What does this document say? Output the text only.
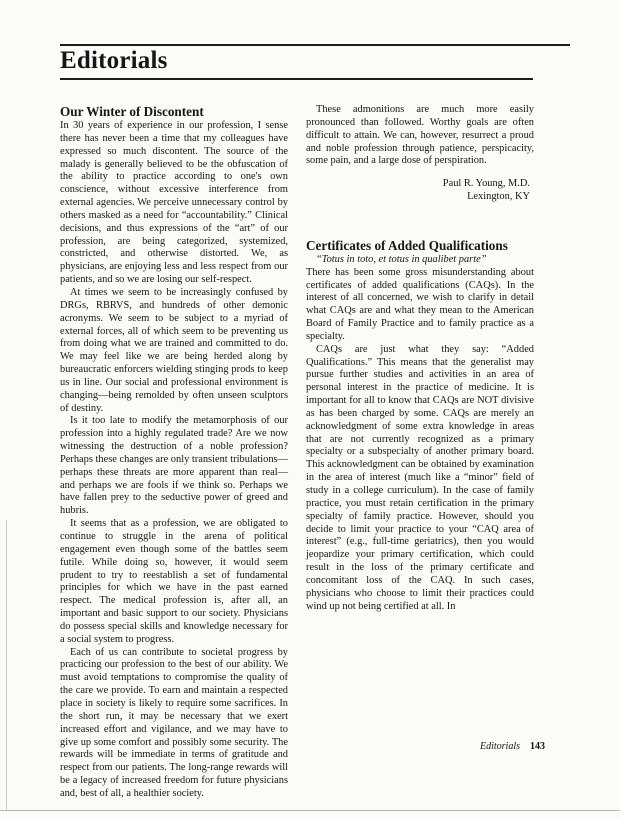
Editorials
Our Winter of Discontent

In 30 years of experience in our profession, I sense there has never been a time that my colleagues have expressed so much discontent. The source of the malady is generally believed to be the obfuscation of the ability to practice according to one's own conscience, without excessive interference from external agencies. We perceive unnecessary control by others masked as a need for “accountability.” Clinical decisions, and thus expressions of the “art” of our profession, are being categorized, systemized, constricted, and otherwise distorted. We, as physicians, are enjoying less and less respect from our patients, and so we are losing our self-respect.

At times we seem to be increasingly confused by DRGs, RBRVS, and hundreds of other demonic acronyms. We seem to be subject to a myriad of external forces, all of which seem to be preventing us from doing what we are trained and committed to do. We may feel like we are being herded along by bureaucratic enforcers wielding stinging prods to keep us in line. Our social and professional environment is changing—being remolded by often unseen sculptors of destiny.

Is it too late to modify the metamorphosis of our profession into a highly regulated trade? Are we now witnessing the destruction of a noble profession? Perhaps these changes are only transient tribulations—perhaps these threats are more apparent than real—and perhaps we are fools if we think so. Perhaps we have fallen prey to the seductive power of greed and hubris.

It seems that as a profession, we are obligated to continue to struggle in the arena of political engagement even though some of the battles seem futile. While doing so, however, it would seem prudent to try to reestablish a set of fundamental principles for which we have in the past earned respect. The medical profession is, after all, an important and basic support to our society. Physicians do possess special skills and knowledge necessary for a social system to progress.

Each of us can contribute to societal progress by practicing our profession to the best of our ability. We must avoid temptations to compromise the quality of the care we provide. To earn and maintain a respected place in society is likely to require some sacrifices. In the short run, it may be necessary that we exert increased effort and vigilance, and we may have to give up some comfort and possibly some security. The rewards will be immediate in terms of gratitude and respect from our patients. The long-range rewards will be a legacy of increased freedom for future physicians and, best of all, a healthier society.

These admonitions are much more easily pronounced than followed. Worthy goals are often difficult to attain. We can, however, resurrect a proud and noble profession through patience, perspicacity, some pain, and a large dose of perspiration.

Paul R. Young, M.D.
Lexington, KY
Certificates of Added Qualifications

“Totus in toto, et totus in qualibet parte”

There has been some gross misunderstanding about certificates of added qualifications (CAQs). In the interest of all concerned, we wish to clarify in detail what CAQs are and what they mean to the American Board of Family Practice and to family practice as a specialty.

CAQs are just what they say: “Added Qualifications.” This means that the generalist may pursue further studies and activities in an area of personal interest in the practice of medicine. It is important for all to know that CAQs are NOT divisive as has been charged by some. CAQs are merely an acknowledgment of some extra knowledge in areas that are not currently recognized as a primary specialty or a subspecialty of another primary board. This acknowledgment can be obtained by examination in the area of interest (much like a “minor” field of study in a college curriculum). In the case of family practice, you must retain certification in the primary specialty of family practice. However, should you decide to limit your practice to your “CAQ area of interest” (e.g., full-time geriatrics), then you would jeopardize your primary certification, which could result in the loss of the primary certificate and concomitant loss of the CAQ. In such cases, physicians who choose to limit their practices could wind up not being certified at all. In

Editorials 143
